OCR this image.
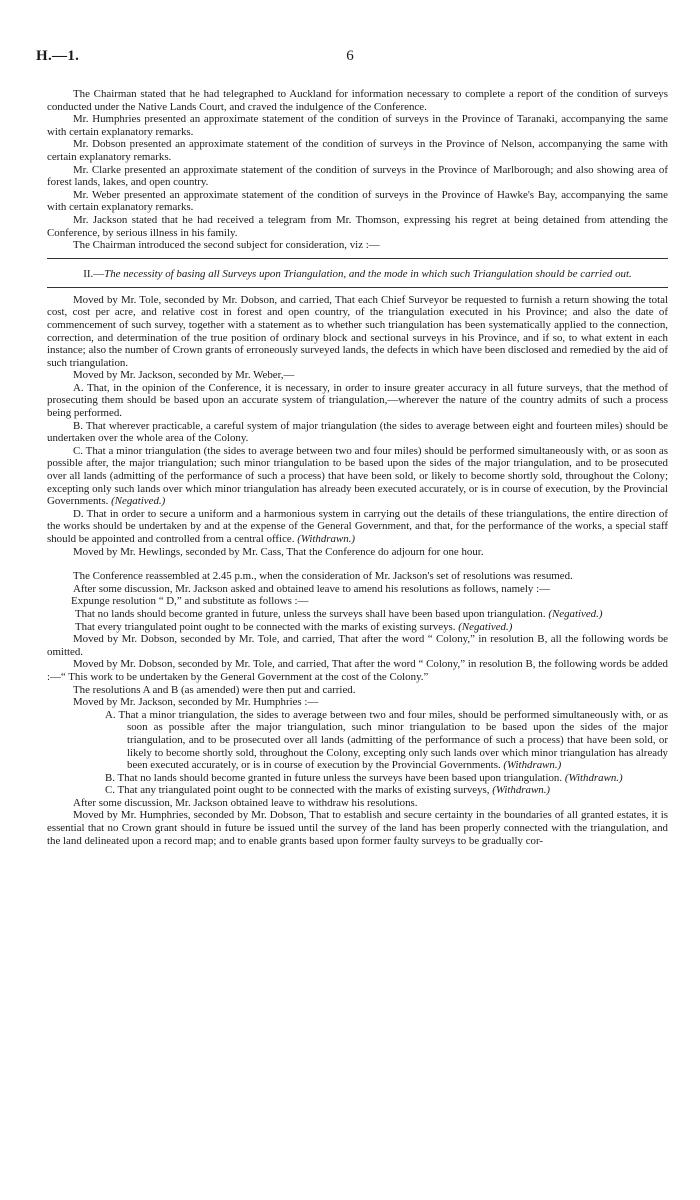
H.—1.	6

The Chairman stated that he had telegraphed to Auckland for information necessary to complete a report of the condition of surveys conducted under the Native Lands Court, and craved the indulgence of the Conference.

Mr. Humphries presented an approximate statement of the condition of surveys in the Province of Taranaki, accompanying the same with certain explanatory remarks.

Mr. Dobson presented an approximate statement of the condition of surveys in the Province of Nelson, accompanying the same with certain explanatory remarks.

Mr. Clarke presented an approximate statement of the condition of surveys in the Province of Marlborough; and also showing area of forest lands, lakes, and open country.

Mr. Weber presented an approximate statement of the condition of surveys in the Province of Hawke's Bay, accompanying the same with certain explanatory remarks.

Mr. Jackson stated that he had received a telegram from Mr. Thomson, expressing his regret at being detained from attending the Conference, by serious illness in his family.

The Chairman introduced the second subject for consideration, viz :—

II.—The necessity of basing all Surveys upon Triangulation, and the mode in which such Triangulation should be carried out.

Moved by Mr. Tole, seconded by Mr. Dobson, and carried, That each Chief Surveyor be requested to furnish a return showing the total cost, cost per acre, and relative cost in forest and open country, of the triangulation executed in his Province; and also the date of commencement of such survey, together with a statement as to whether such triangulation has been systematically applied to the connection, correction, and determination of the true position of ordinary block and sectional surveys in his Province, and if so, to what extent in each instance; also the number of Crown grants of erroneously surveyed lands, the defects in which have been disclosed and remedied by the aid of such triangulation.

Moved by Mr. Jackson, seconded by Mr. Weber,—

A. That, in the opinion of the Conference, it is necessary, in order to insure greater accuracy in all future surveys, that the method of prosecuting them should be based upon an accurate system of triangulation,—wherever the nature of the country admits of such a process being performed.

B. That wherever practicable, a careful system of major triangulation (the sides to average between eight and fourteen miles) should be undertaken over the whole area of the Colony.

C. That a minor triangulation (the sides to average between two and four miles) should be performed simultaneously with, or as soon as possible after, the major triangulation; such minor triangulation to be based upon the sides of the major triangulation, and to be prosecuted over all lands (admitting of the performance of such a process) that have been sold, or likely to become shortly sold, throughout the Colony; excepting only such lands over which minor triangulation has already been executed accurately, or is in course of execution, by the Provincial Governments. (Negatived.)

D. That in order to secure a uniform and a harmonious system in carrying out the details of these triangulations, the entire direction of the works should be undertaken by and at the expense of the General Government, and that, for the performance of the works, a special staff should be appointed and controlled from a central office. (Withdrawn.)

Moved by Mr. Hewlings, seconded by Mr. Cass, That the Conference do adjourn for one hour.

The Conference reassembled at 2.45 p.m., when the consideration of Mr. Jackson's set of resolutions was resumed.

After some discussion, Mr. Jackson asked and obtained leave to amend his resolutions as follows, namely :—

Expunge resolution “ D,” and substitute as follows :—

That no lands should become granted in future, unless the surveys shall have been based upon triangulation. (Negatived.)

That every triangulated point ought to be connected with the marks of existing surveys. (Negatived.)

Moved by Mr. Dobson, seconded by Mr. Tole, and carried, That after the word “ Colony,” in resolution B, all the following words be omitted.

Moved by Mr. Dobson, seconded by Mr. Tole, and carried, That after the word “ Colony,” in resolution B, the following words be added :—“ This work to be undertaken by the General Government at the cost of the Colony.”

The resolutions A and B (as amended) were then put and carried.

Moved by Mr. Jackson, seconded by Mr. Humphries :—

A. That a minor triangulation, the sides to average between two and four miles, should be performed simultaneously with, or as soon as possible after the major triangulation, such minor triangulation to be based upon the sides of the major triangulation, and to be prosecuted over all lands (admitting of the performance of such a process) that have been sold, or likely to become shortly sold, throughout the Colony, excepting only such lands over which minor triangulation has already been executed accurately, or is in course of execution by the Provincial Governments. (Withdrawn.)

B. That no lands should become granted in future unless the surveys have been based upon triangulation. (Withdrawn.)

C. That any triangulated point ought to be connected with the marks of existing surveys, (Withdrawn.)

After some discussion, Mr. Jackson obtained leave to withdraw his resolutions.

Moved by Mr. Humphries, seconded by Mr. Dobson, That to establish and secure certainty in the boundaries of all granted estates, it is essential that no Crown grant should in future be issued until the survey of the land has been properly connected with the triangulation, and the land delineated upon a record map; and to enable grants based upon former faulty surveys to be gradually cor-
